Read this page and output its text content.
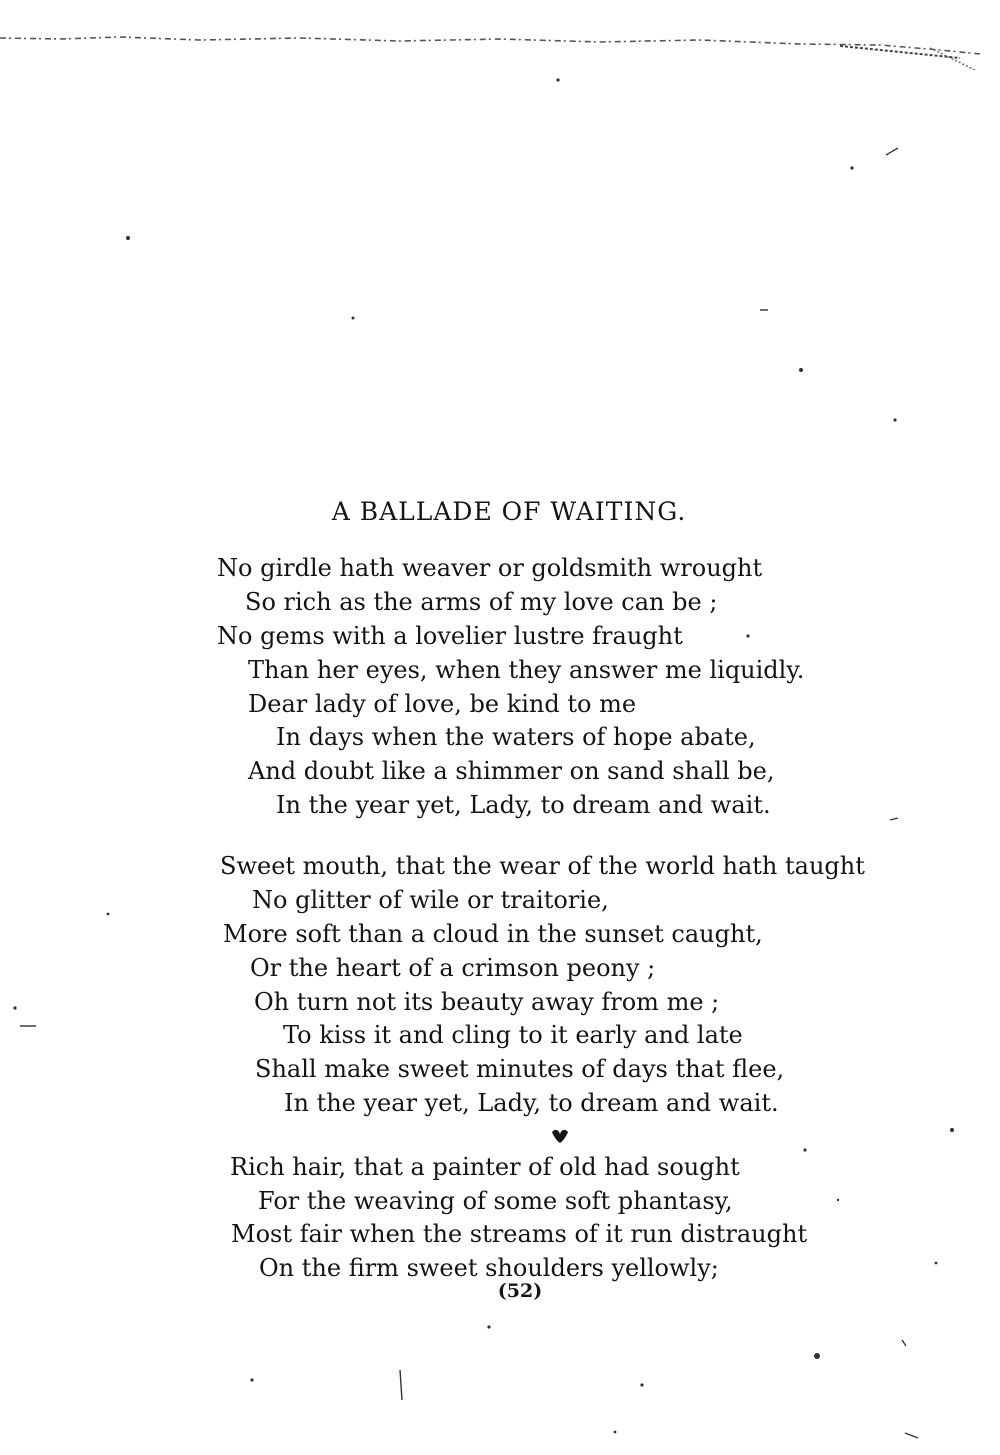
A BALLADE OF WAITING.
No girdle hath weaver or goldsmith wrought
So rich as the arms of my love can be ;
No gems with a lovelier lustre fraught
Than her eyes, when they answer me liquidly.
Dear lady of love, be kind to me
In days when the waters of hope abate,
And doubt like a shimmer on sand shall be,
In the year yet, Lady, to dream and wait.
Sweet mouth, that the wear of the world hath taught
No glitter of wile or traitorie,
More soft than a cloud in the sunset caught,
Or the heart of a crimson peony ;
Oh turn not its beauty away from me ;
To kiss it and cling to it early and late
Shall make sweet minutes of days that flee,
In the year yet, Lady, to dream and wait.
Rich hair, that a painter of old had sought
For the weaving of some soft phantasy,
Most fair when the streams of it run distraught
On the firm sweet shoulders yellowly;
(52)
